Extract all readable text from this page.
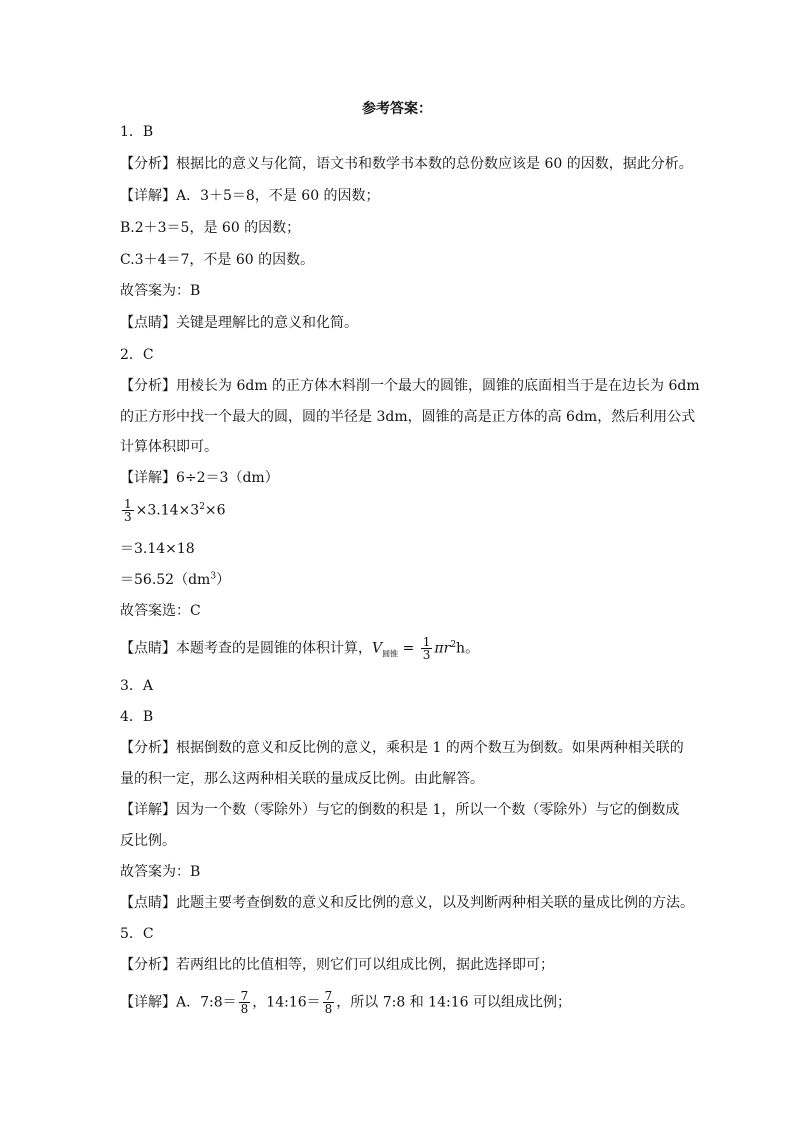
参考答案：
1．B
【分析】根据比的意义与化简，语文书和数学书本数的总份数应该是 60 的因数，据此分析。
【详解】A．3＋5＝8，不是 60 的因数；
B.2＋3＝5，是 60 的因数；
C.3＋4＝7，不是 60 的因数。
故答案为：B
【点睛】关键是理解比的意义和化简。
2．C
【分析】用棱长为 6dm 的正方体木料削一个最大的圆锥，圆锥的底面相当于是在边长为 6dm
的正方形中找一个最大的圆，圆的半径是 3dm，圆锥的高是正方体的高 6dm，然后利用公式
计算体积即可。
【详解】6÷2＝3（dm）
$\frac{1}{3} \times 3.14\times 3^2\times 6$
＝3.14×18
$=56.52(dm^3)$
故答案选：C
【点睛】本题考查的是圆锥的体积计算，$V_{圆锥} = \frac{1}{3} \pi r^2h$。
3．A
4．B
【分析】根据倒数的意义和反比例的意义，乘积是 1 的两个数互为倒数。如果两种相关联的
量的积一定，那么这两种相关联的量成反比例。由此解答。
【详解】因为一个数（零除外）与它的倒数的积是 1，所以一个数（零除外）与它的倒数成
反比例。
故答案为：B
【点睛】此题主要考查倒数的意义和反比例的意义，以及判断两种相关联的量成比例的方法。
5．C
【分析】若两组比的比值相等，则它们可以组成比例，据此选择即可；
【详解】A．7:8＝ $\frac{7}{8}$ ，14:16＝ $\frac{7}{8}$ ，所以 7:8 和 14:16 可以组成比例；
